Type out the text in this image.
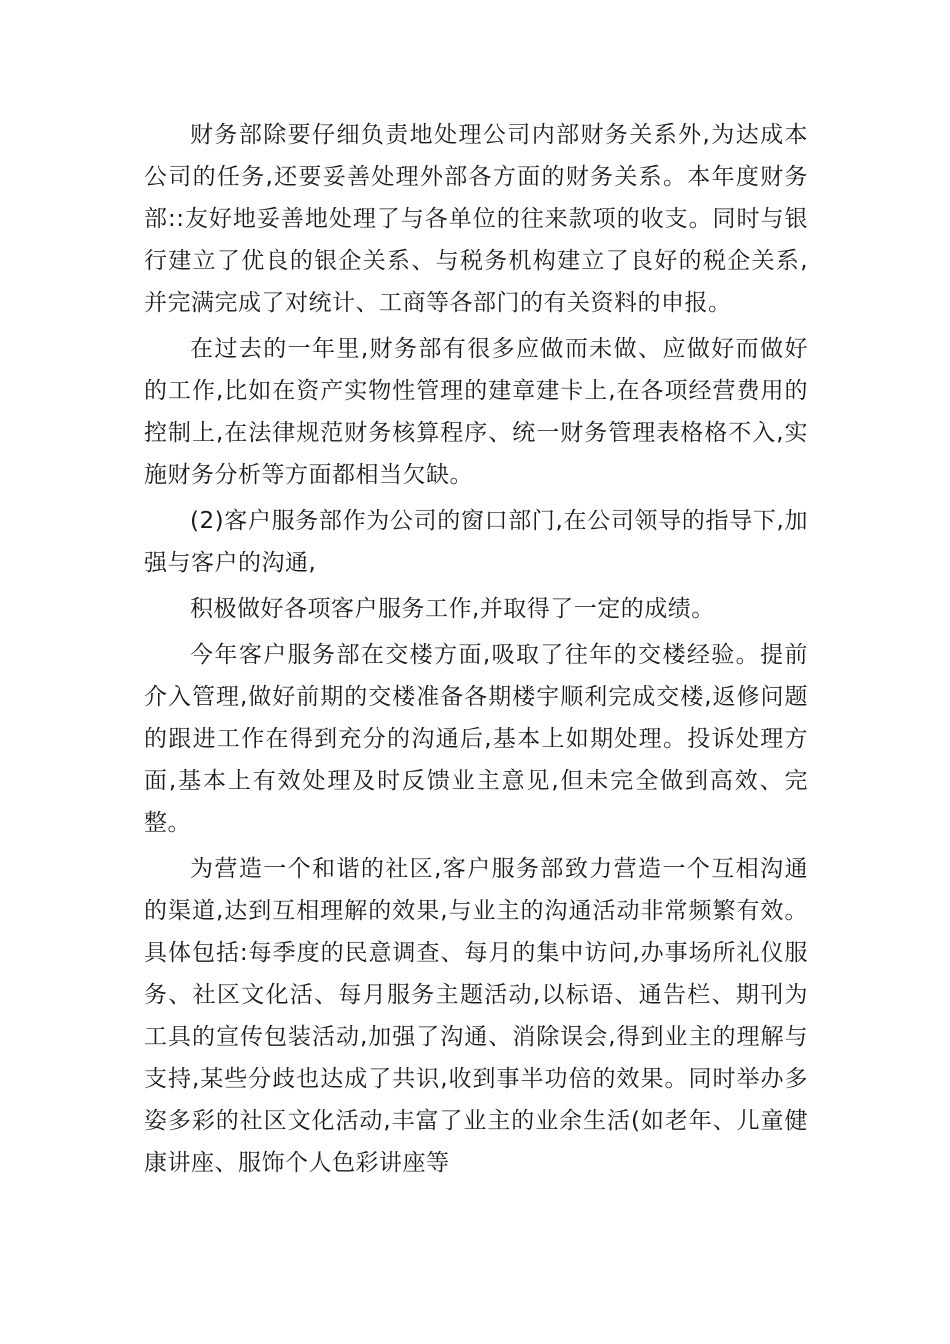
财务部除要仔细负责地处理公司内部财务关系外,为达成本公司的任务,还要妥善处理外部各方面的财务关系。本年度财务部::友好地妥善地处理了与各单位的往来款项的收支。同时与银行建立了优良的银企关系、与税务机构建立了良好的税企关系,并完满完成了对统计、工商等各部门的有关资料的申报。

在过去的一年里,财务部有很多应做而未做、应做好而做好的工作,比如在资产实物性管理的建章建卡上,在各项经营费用的控制上,在法律规范财务核算程序、统一财务管理表格格不入,实施财务分析等方面都相当欠缺。

(2)客户服务部作为公司的窗口部门,在公司领导的指导下,加强与客户的沟通,

积极做好各项客户服务工作,并取得了一定的成绩。

今年客户服务部在交楼方面,吸取了往年的交楼经验。提前介入管理,做好前期的交楼准备各期楼宇顺利完成交楼,返修问题的跟进工作在得到充分的沟通后,基本上如期处理。投诉处理方面,基本上有效处理及时反馈业主意见,但未完全做到高效、完整。

为营造一个和谐的社区,客户服务部致力营造一个互相沟通的渠道,达到互相理解的效果,与业主的沟通活动非常频繁有效。具体包括:每季度的民意调查、每月的集中访问,办事场所礼仪服务、社区文化活、每月服务主题活动,以标语、通告栏、期刊为工具的宣传包装活动,加强了沟通、消除误会,得到业主的理解与支持,某些分歧也达成了共识,收到事半功倍的效果。同时举办多姿多彩的社区文化活动,丰富了业主的业余生活(如老年、儿童健康讲座、服饰个人色彩讲座等
